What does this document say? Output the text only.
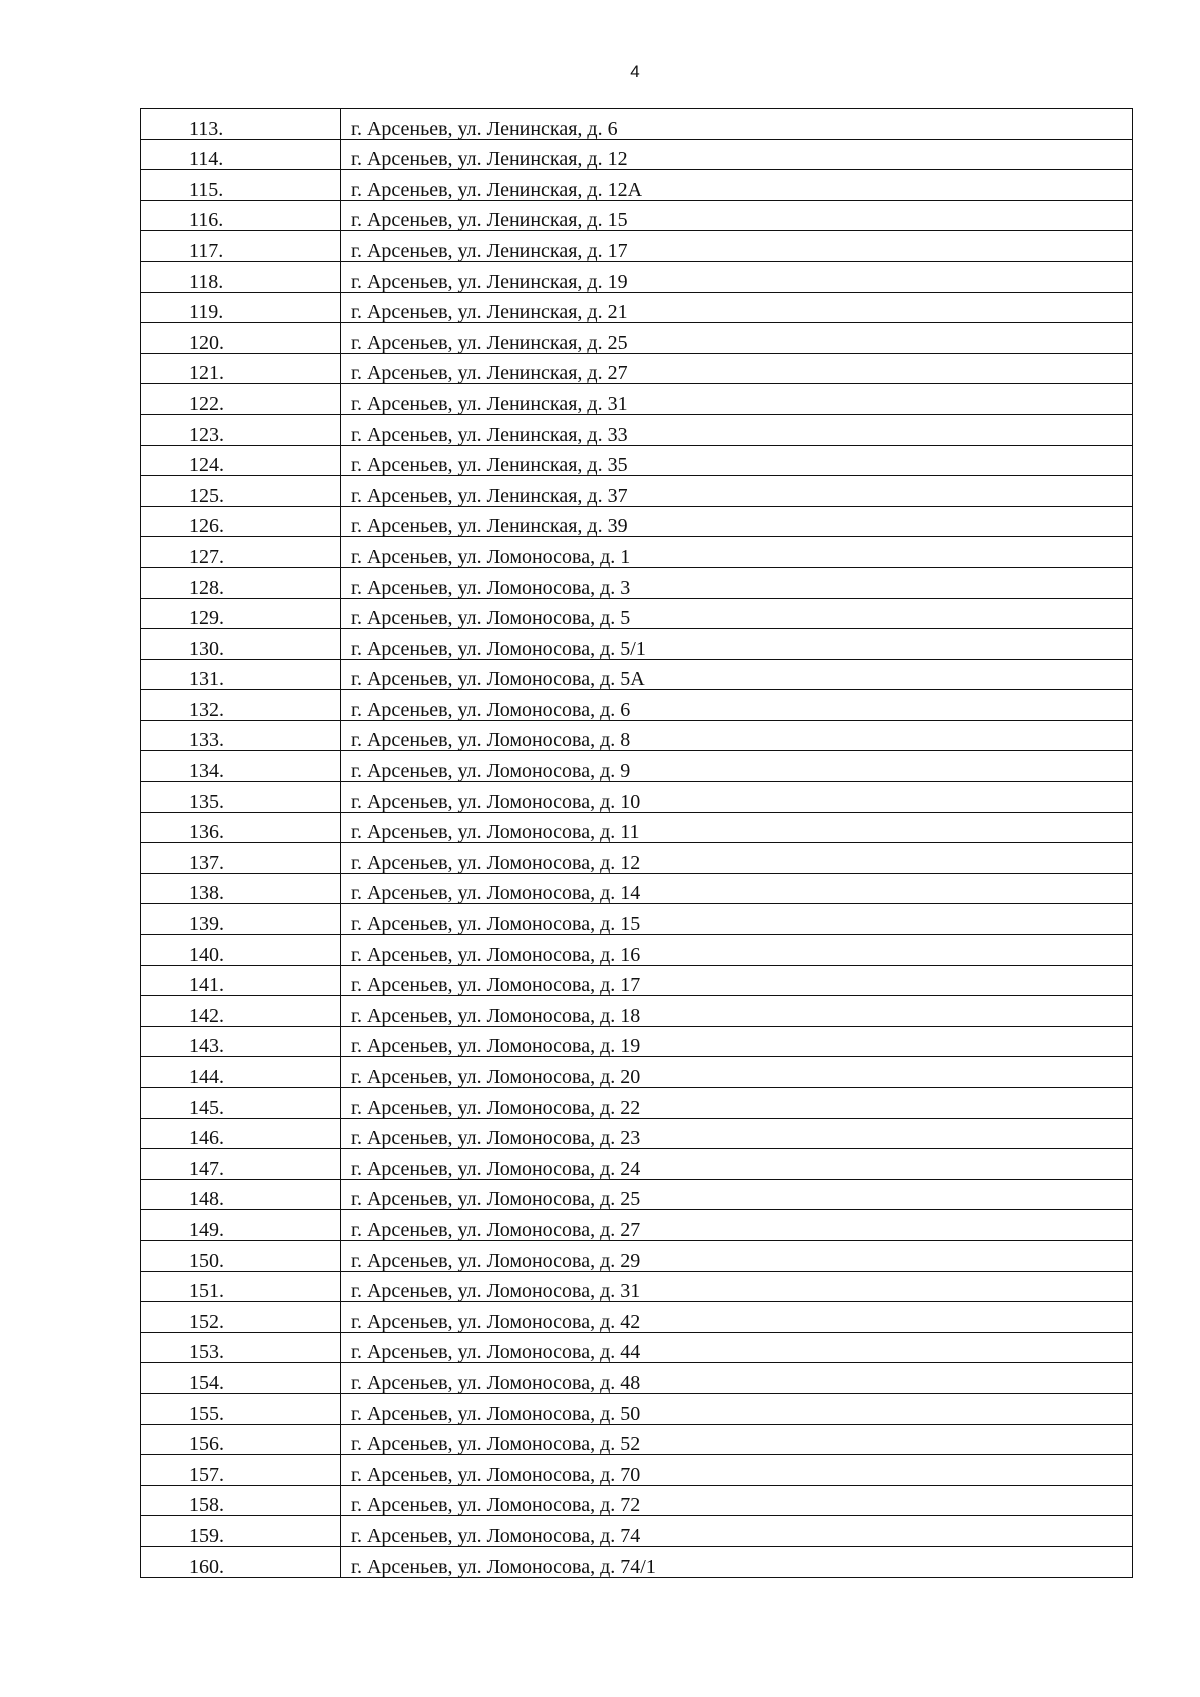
4
113.	г. Арсеньев, ул. Ленинская, д. 6
114.	г. Арсеньев, ул. Ленинская, д. 12
115.	г. Арсеньев, ул. Ленинская, д. 12А
116.	г. Арсеньев, ул. Ленинская, д. 15
117.	г. Арсеньев, ул. Ленинская, д. 17
118.	г. Арсеньев, ул. Ленинская, д. 19
119.	г. Арсеньев, ул. Ленинская, д. 21
120.	г. Арсеньев, ул. Ленинская, д. 25
121.	г. Арсеньев, ул. Ленинская, д. 27
122.	г. Арсеньев, ул. Ленинская, д. 31
123.	г. Арсеньев, ул. Ленинская, д. 33
124.	г. Арсеньев, ул. Ленинская, д. 35
125.	г. Арсеньев, ул. Ленинская, д. 37
126.	г. Арсеньев, ул. Ленинская, д. 39
127.	г. Арсеньев, ул. Ломоносова, д. 1
128.	г. Арсеньев, ул. Ломоносова, д. 3
129.	г. Арсеньев, ул. Ломоносова, д. 5
130.	г. Арсеньев, ул. Ломоносова, д. 5/1
131.	г. Арсеньев, ул. Ломоносова, д. 5А
132.	г. Арсеньев, ул. Ломоносова, д. 6
133.	г. Арсеньев, ул. Ломоносова, д. 8
134.	г. Арсеньев, ул. Ломоносова, д. 9
135.	г. Арсеньев, ул. Ломоносова, д. 10
136.	г. Арсеньев, ул. Ломоносова, д. 11
137.	г. Арсеньев, ул. Ломоносова, д. 12
138.	г. Арсеньев, ул. Ломоносова, д. 14
139.	г. Арсеньев, ул. Ломоносова, д. 15
140.	г. Арсеньев, ул. Ломоносова, д. 16
141.	г. Арсеньев, ул. Ломоносова, д. 17
142.	г. Арсеньев, ул. Ломоносова, д. 18
143.	г. Арсеньев, ул. Ломоносова, д. 19
144.	г. Арсеньев, ул. Ломоносова, д. 20
145.	г. Арсеньев, ул. Ломоносова, д. 22
146.	г. Арсеньев, ул. Ломоносова, д. 23
147.	г. Арсеньев, ул. Ломоносова, д. 24
148.	г. Арсеньев, ул. Ломоносова, д. 25
149.	г. Арсеньев, ул. Ломоносова, д. 27
150.	г. Арсеньев, ул. Ломоносова, д. 29
151.	г. Арсеньев, ул. Ломоносова, д. 31
152.	г. Арсеньев, ул. Ломоносова, д. 42
153.	г. Арсеньев, ул. Ломоносова, д. 44
154.	г. Арсеньев, ул. Ломоносова, д. 48
155.	г. Арсеньев, ул. Ломоносова, д. 50
156.	г. Арсеньев, ул. Ломоносова, д. 52
157.	г. Арсеньев, ул. Ломоносова, д. 70
158.	г. Арсеньев, ул. Ломоносова, д. 72
159.	г. Арсеньев, ул. Ломоносова, д. 74
160.	г. Арсеньев, ул. Ломоносова, д. 74/1
